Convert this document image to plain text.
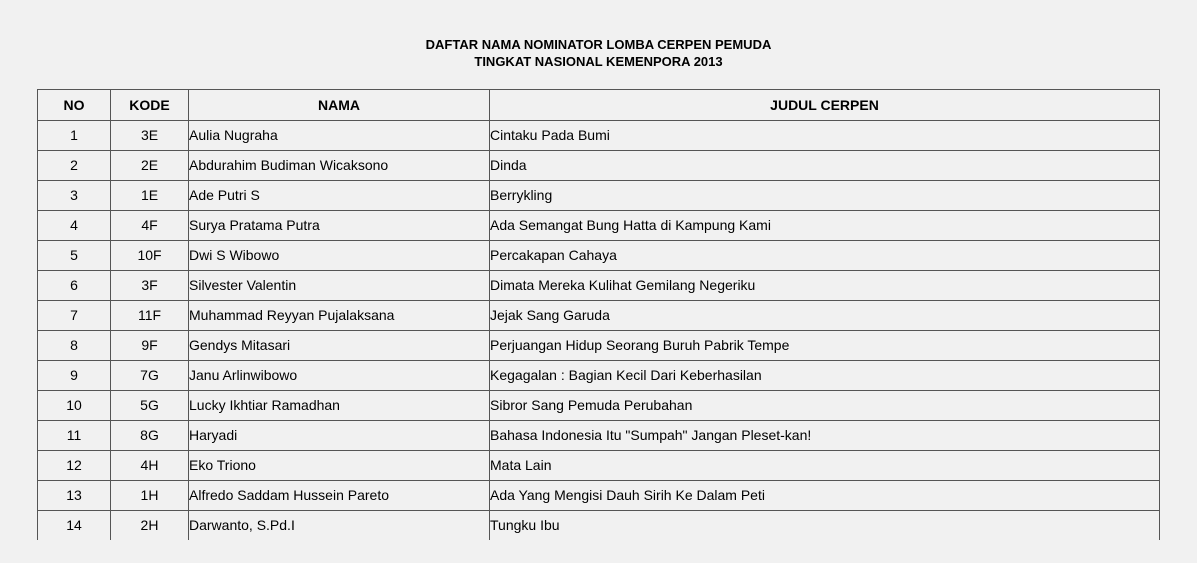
DAFTAR NAMA NOMINATOR LOMBA CERPEN PEMUDA
TINGKAT NASIONAL KEMENPORA 2013
NO	KODE	NAMA	JUDUL CERPEN
1	3E	Aulia Nugraha	Cintaku Pada Bumi
2	2E	Abdurahim Budiman Wicaksono	Dinda
3	1E	Ade Putri S	Berrykling
4	4F	Surya Pratama Putra	Ada Semangat Bung Hatta di Kampung Kami
5	10F	Dwi S Wibowo	Percakapan Cahaya
6	3F	Silvester Valentin	Dimata Mereka Kulihat Gemilang Negeriku
7	11F	Muhammad Reyyan Pujalaksana	Jejak Sang Garuda
8	9F	Gendys Mitasari	Perjuangan Hidup Seorang Buruh Pabrik Tempe
9	7G	Janu Arlinwibowo	Kegagalan : Bagian Kecil Dari Keberhasilan
10	5G	Lucky Ikhtiar Ramadhan	Sibror Sang Pemuda Perubahan
11	8G	Haryadi	Bahasa Indonesia Itu "Sumpah" Jangan Pleset-kan!
12	4H	Eko Triono	Mata Lain
13	1H	Alfredo Saddam Hussein Pareto	Ada Yang Mengisi Dauh Sirih Ke Dalam Peti
14	2H	Darwanto, S.Pd.I	Tungku Ibu
